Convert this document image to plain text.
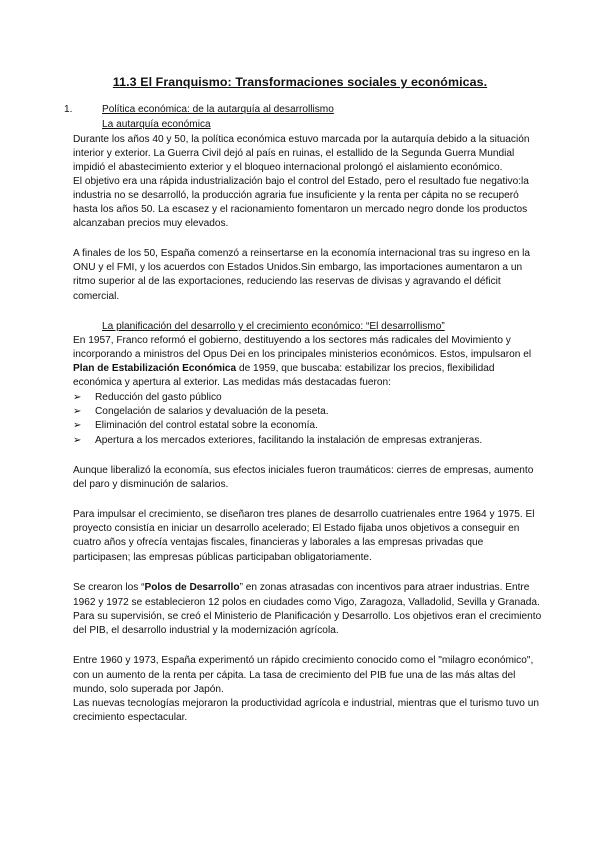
11.3 El Franquismo: Transformaciones sociales y económicas.
1.	Política económica: de la autarquía al desarrollismo
La autarquía económica
Durante los años 40 y 50, la política económica estuvo marcada por la autarquía debido a la situación
interior y exterior. La Guerra Civil dejó al país en ruinas, el estallido de la Segunda Guerra Mundial
impidió el abastecimiento exterior y el bloqueo internacional prolongó el aislamiento económico.
El objetivo era una rápida industrialización bajo el control del Estado, pero el resultado fue negativo:la
industria no se desarrolló, la producción agraria fue insuficiente y la renta per cápita no se recuperó
hasta los años 50. La escasez y el racionamiento fomentaron un mercado negro donde los productos
alcanzaban precios muy elevados.
A finales de los 50, España comenzó a reinsertarse en la economía internacional tras su ingreso en la
ONU y el FMI, y los acuerdos con Estados Unidos.Sin embargo, las importaciones aumentaron a un
ritmo superior al de las exportaciones, reduciendo las reservas de divisas y agravando el déficit
comercial.
La planificación del desarrollo y el crecimiento económico: “El desarrollismo”
En 1957, Franco reformó el gobierno, destituyendo a los sectores más radicales del Movimiento y
incorporando a ministros del Opus Dei en los principales ministerios económicos. Estos, impulsaron el
Plan de Estabilización Económica de 1959, que buscaba: estabilizar los precios, flexibilidad
económica y apertura al exterior. Las medidas más destacadas fueron:
➢ Reducción del gasto público
➢ Congelación de salarios y devaluación de la peseta.
➢ Eliminación del control estatal sobre la economía.
➢ Apertura a los mercados exteriores, facilitando la instalación de empresas extranjeras.
Aunque liberalizó la economía, sus efectos iniciales fueron traumáticos: cierres de empresas, aumento
del paro y disminución de salarios.
Para impulsar el crecimiento, se diseñaron tres planes de desarrollo cuatrienales entre 1964 y 1975. El
proyecto consistía en iniciar un desarrollo acelerado; El Estado fijaba unos objetivos a conseguir en
cuatro años y ofrecía ventajas fiscales, financieras y laborales a las empresas privadas que
participasen; las empresas públicas participaban obligatoriamente.
Se crearon los “Polos de Desarrollo” en zonas atrasadas con incentivos para atraer industrias. Entre
1962 y 1972 se establecieron 12 polos en ciudades como Vigo, Zaragoza, Valladolid, Sevilla y Granada.
Para su supervisión, se creó el Ministerio de Planificación y Desarrollo. Los objetivos eran el crecimiento
del PIB, el desarrollo industrial y la modernización agrícola.
Entre 1960 y 1973, España experimentó un rápido crecimiento conocido como el "milagro económico",
con un aumento de la renta per cápita. La tasa de crecimiento del PIB fue una de las más altas del
mundo, solo superada por Japón.
Las nuevas tecnologías mejoraron la productividad agrícola e industrial, mientras que el turismo tuvo un
crecimiento espectacular.
